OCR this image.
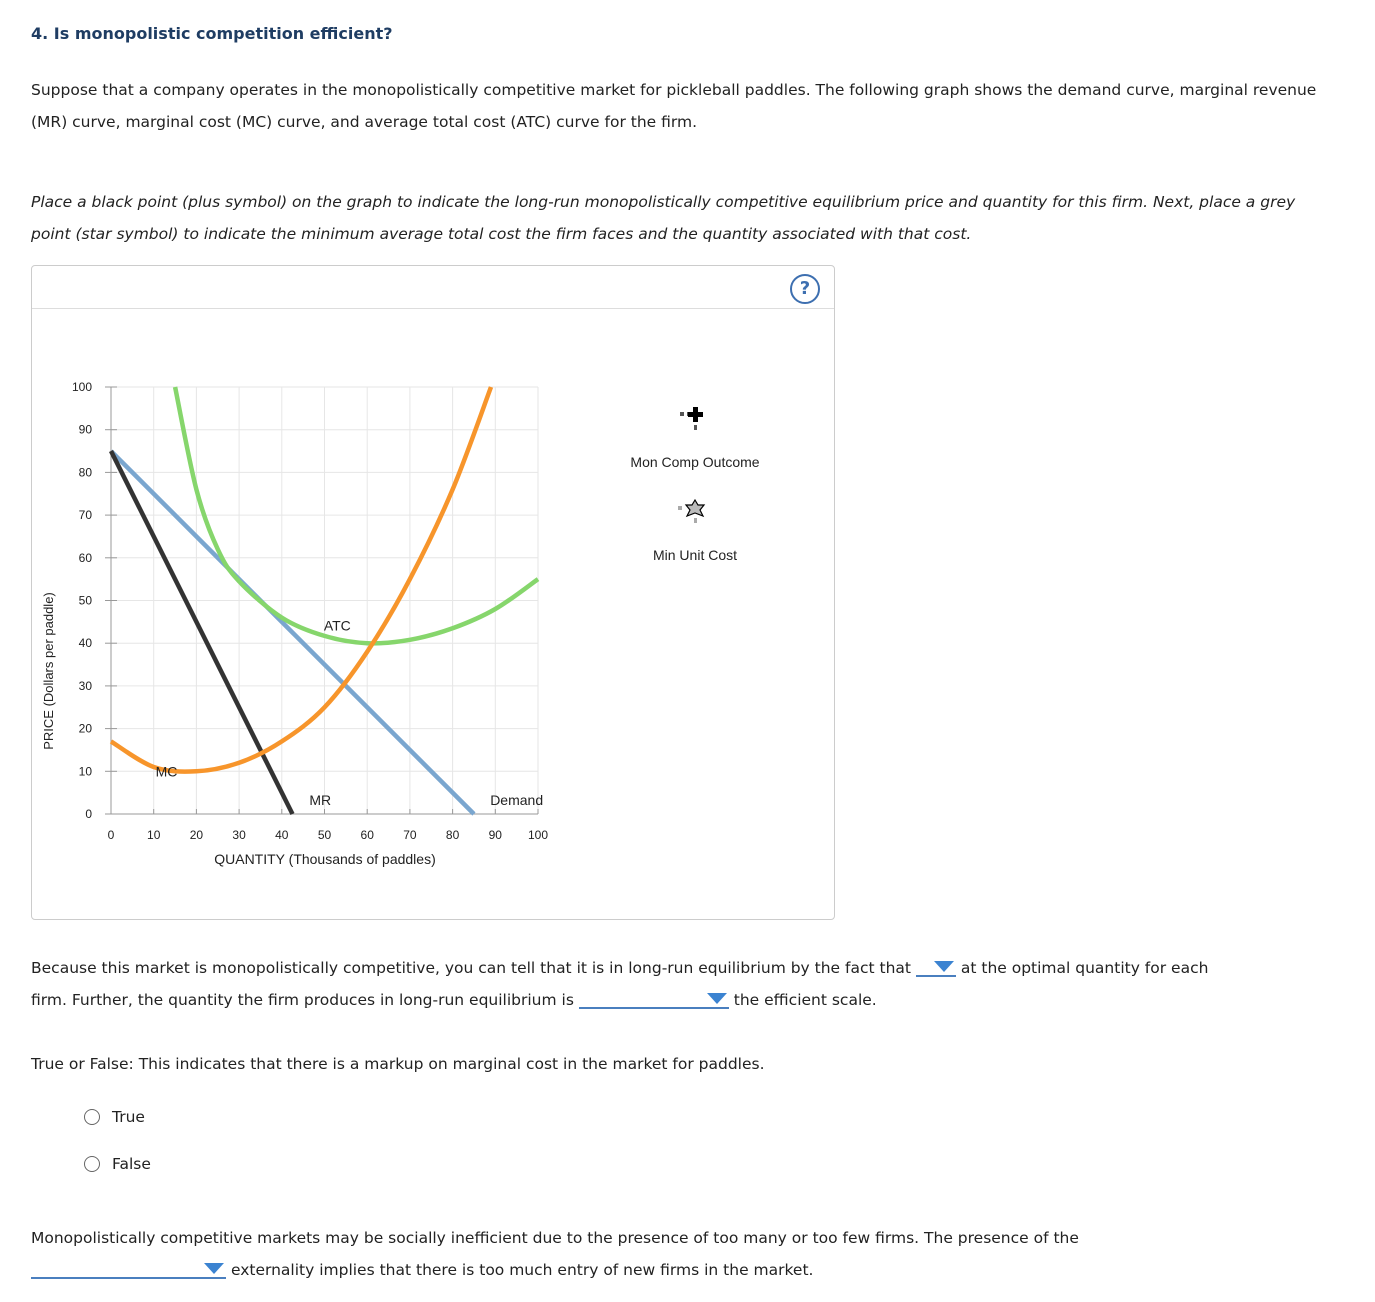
4. Is monopolistic competition efficient?

Suppose that a company operates in the monopolistically competitive market for pickleball paddles. The following graph shows the demand curve, marginal revenue (MR) curve, marginal cost (MC) curve, and average total cost (ATC) curve for the firm.

Place a black point (plus symbol) on the graph to indicate the long-run monopolistically competitive equilibrium price and quantity for this firm. Next, place a grey point (star symbol) to indicate the minimum average total cost the firm faces and the quantity associated with that cost.

?
0	10 20 30 40 50 60 70 80 90 100
0
10
20
30
40
50
60
70
80
90
100
Demand
MR
ATC
MC
PRICE (Dollars per paddle)
QUANTITY (Thousands of paddles)
Mon Comp Outcome
Min Unit Cost

Because this market is monopolistically competitive, you can tell that it is in long-run equilibrium by the fact that	at the optimal quantity for each

firm. Further, the quantity the firm produces in long-run equilibrium is	the efficient scale.

True or False: This indicates that there is a markup on marginal cost in the market for paddles.

True
False

Monopolistically competitive markets may be socially inefficient due to the presence of too many or too few firms. The presence of the

externality implies that there is too much entry of new firms in the market.
